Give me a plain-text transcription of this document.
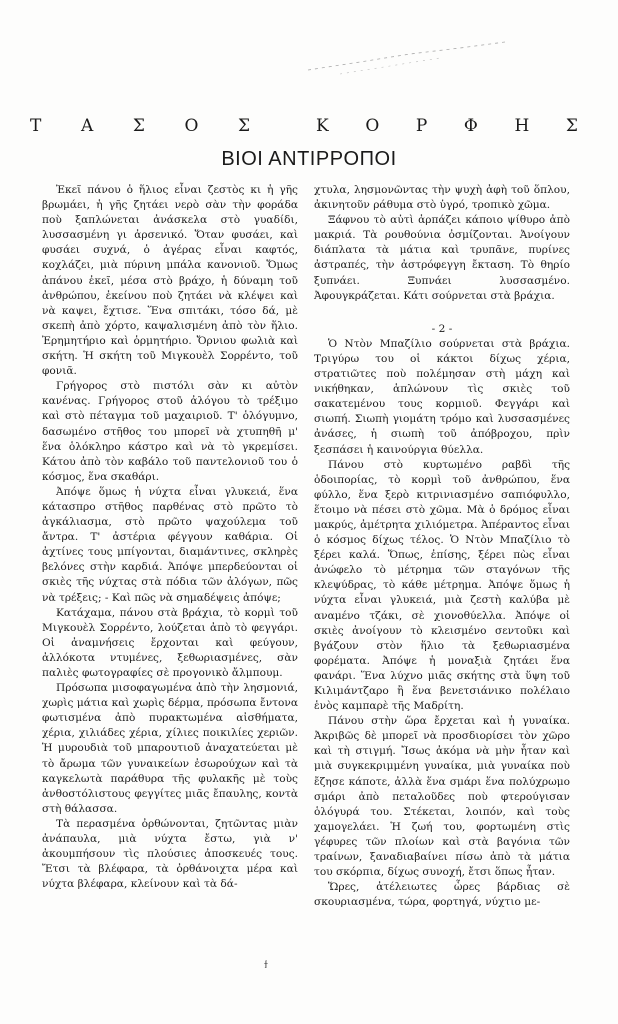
Τ Α Σ Ο Σ	Κ Ο Ρ Φ Η Σ
ΒΙΟΙ ΑΝΤΙΡΡΟΠΟΙ

Ἐκεῖ πάνου ὁ ἥλιος εἶναι ζεστὸς κι ἡ γῆς βρωμάει, ἡ γῆς ζητάει νερὸ σὰν τὴν φοράδα ποὺ ξαπλώνεται ἀνάσκελα στὸ γυαδίδι, λυσσασμένη γι ἀρσενικό. Ὅταν φυσάει, καὶ φυσάει συχνά, ὁ ἀγέρας εἶναι καφτός, κοχλάζει, μιὰ πύρινη μπάλα κανονιοῦ. Ὅμως ἀπάνου ἐκεῖ, μέσα στὸ βράχο, ἡ δύναμη τοῦ ἀνθρώπου, ἐκείνου ποὺ ζητάει νὰ κλέψει καὶ νὰ καψει, ἔχτισε. Ἕνα σπιτάκι, τόσο δά, μὲ σκεπὴ ἀπὸ χόρτο, καψαλισμένη ἀπὸ τὸν ἥλιο. Ἐρημητήριο καὶ ὁρμητήριο. Ὄρνιου φωλιὰ καὶ σκήτη. Ἡ σκήτη τοῦ Μιγκουὲλ Σορρέντο, τοῦ φονιᾶ.

Γρήγορος στὸ πιστόλι σὰν κι αὐτὸν κανένας. Γρήγορος στοῦ ἀλόγου τὸ τρέξιμο καὶ στὸ πέταγμα τοῦ μαχαιριοῦ. Τ' ὁλόγυμνο, δασωμένο στῆθος του μπορεῖ νὰ χτυπηθῆ μ' ἕνα ὁλόκληρο κάστρο καὶ νὰ τὸ γκρεμίσει. Κάτου ἀπὸ τὸν καβάλο τοῦ παντελονιοῦ του ὁ κόσμος, ἕνα σκαθάρι.

Ἀπόψε ὅμως ἡ νύχτα εἶναι γλυκειά, ἕνα κάτασπρο στῆθος παρθένας στὸ πρῶτο τὸ ἀγκάλιασμα, στὸ πρῶτο ψαχούλεμα τοῦ ἄντρα. Τ' ἀστέρια φέγγουν καθάρια. Οἱ ἀχτίνες τους μπίγονται, διαμάντινες, σκληρὲς βελόνες στὴν καρδιά. Ἀπόψε μπερδεύονται οἱ σκιὲς τῆς νύχτας στὰ πόδια τῶν ἀλόγων, πῶς νὰ τρέξεις; - Καὶ πῶς νὰ σημαδέψεις ἀπόψε;

Κατάχαμα, πάνου στὰ βράχια, τὸ κορμὶ τοῦ Μιγκουὲλ Σορρέντο, λούζεται ἀπὸ τὸ φεγγάρι. Οἱ ἀναμνήσεις ἔρχονται καὶ φεύγουν, ἀλλόκοτα ντυμένες, ξεθωριασμένες, σὰν παλιὲς φωτογραφίες σὲ προγονικὸ ἄλμπουμ.

Πρόσωπα μισοφαγωμένα ἀπὸ τὴν λησμονιά, χωρὶς μάτια καὶ χωρὶς δέρμα, πρόσωπα ἔντονα φωτισμένα ἀπὸ πυρακτωμένα αἰσθήματα, χέρια, χιλιάδες χέρια, χίλιες ποικιλίες χεριῶν. Ἡ μυρουδιὰ τοῦ μπαρουτιοῦ ἀναχατεύεται μὲ τὸ ἄρωμα τῶν γυναικείων ἐσωρούχων καὶ τὰ καγκελωτὰ παράθυρα τῆς φυλακῆς μὲ τοὺς ἀνθοστόλιστους φεγγίτες μιᾶς ἔπαυλης, κοντὰ στὴ θάλασσα.

Τὰ περασμένα ὀρθώνονται, ζητῶντας μιὰν ἀνάπαυλα, μιὰ νύχτα ἔστω, γιὰ ν' ἀκουμπήσουν τὶς πλούσιες ἀποσκευές τους. Ἔτσι τὰ βλέφαρα, τὰ ὀρθάνοιχτα μέρα καὶ νύχτα βλέφαρα, κλείνουν καὶ τὰ δά-

χτυλα, λησμονῶντας τὴν ψυχὴ ἀφὴ τοῦ ὅπλου, ἀκινητοῦν ράθυμα στὸ ὑγρό, τροπικὸ χῶμα.

Ξάφνου τὸ αὐτὶ ἁρπάζει κάποιο ψίθυρο ἀπὸ μακριά. Τὰ ρουθούνια ὀσμίζονται. Ἀνοίγουν διάπλατα τὰ μάτια καὶ τρυπᾶνε, πυρίνες ἀστραπές, τὴν ἀστρόφεγγη ἔκταση. Τὸ θηρίο ξυπνάει. Ξυπνάει λυσσασμένο. Ἀφουγκράζεται. Κάτι σούρνεται στὰ βράχια.

- 2 -

Ὁ Ντὸν Μπαζίλιο σούρνεται στὰ βράχια. Τριγύρω του οἱ κάκτοι δίχως χέρια, στρατιῶτες ποὺ πολέμησαν στὴ μάχη καὶ νικήθηκαν, ἁπλώνουν τὶς σκιὲς τοῦ σακατεμένου τους κορμιοῦ. Φεγγάρι καὶ σιωπή. Σιωπὴ γιομάτη τρόμο καὶ λυσσασμένες ἀνάσες, ἡ σιωπὴ τοῦ ἀπόβροχου, πρὶν ξεσπάσει ἡ καινούργια θύελλα.

Πάνου στὸ κυρτωμένο ραβδὶ τῆς ὁδοιπορίας, τὸ κορμὶ τοῦ ἀνθρώπου, ἕνα φύλλο, ἕνα ξερὸ κιτρινιασμένο σαπιόφυλλο, ἕτοιμο νὰ πέσει στὸ χῶμα. Μὰ ὁ δρόμος εἶναι μακρύς, ἀμέτρητα χιλιόμετρα. Ἀπέραντος εἶναι ὁ κόσμος δίχως τέλος. Ὁ Ντὸν Μπαζίλιο τὸ ξέρει καλά. Ὅπως, ἐπίσης, ξέρει πὼς εἶναι ἀνώφελο τὸ μέτρημα τῶν σταγόνων τῆς κλεψύδρας, τὸ κάθε μέτρημα. Ἀπόψε ὅμως ἡ νύχτα εἶναι γλυκειά, μιὰ ζεστὴ καλύβα μὲ αναμένο τζάκι, σὲ χιονοθύελλα. Ἀπόψε οἱ σκιὲς ἀνοίγουν τὸ κλεισμένο σεντοῦκι καὶ βγάζουν στὸν ἥλιο τὰ ξεθωριασμένα φορέματα. Ἀπόψε ἡ μοναξιὰ ζητάει ἕνα φανάρι. Ἕνα λύχνο μιᾶς σκήτης στὰ ὕψη τοῦ Κιλιμάντζαρο ἢ ἕνα βενετσιάνικο πολέλαιο ἑνὸς καμπαρὲ τῆς Μαδρίτη.

Πάνου στὴν ὥρα ἔρχεται καὶ ἡ γυναίκα. Ἀκριβῶς δὲ μπορεῖ νὰ προσδιορίσει τὸν χῶρο καὶ τὴ στιγμή. Ἴσως ἀκόμα νὰ μὴν ἦταν καὶ μιὰ συγκεκριμμένη γυναίκα, μιὰ γυναίκα ποὺ ἔζησε κάποτε, ἀλλὰ ἕνα σμάρι ἕνα πολύχρωμο σμάρι ἀπὸ πεταλοῦδες ποὺ φτερούγισαν ὁλόγυρά του. Στέκεται, λοιπόν, καὶ τοὺς χαμογελάει. Ἡ ζωή του, φορτωμένη στὶς γέφυρες τῶν πλοίων καὶ στὰ βαγόνια τῶν τραίνων, ξαναδιαβαίνει πίσω ἀπὸ τὰ μάτια του σκόρπια, δίχως συνοχή, ἔτσι ὅπως ἦταν.

Ὥρες, ἀτέλειωτες ὧρες βάρδιας σὲ σκουριασμένα, τώρα, φορτηγά, νύχτιο με-

ϯ
